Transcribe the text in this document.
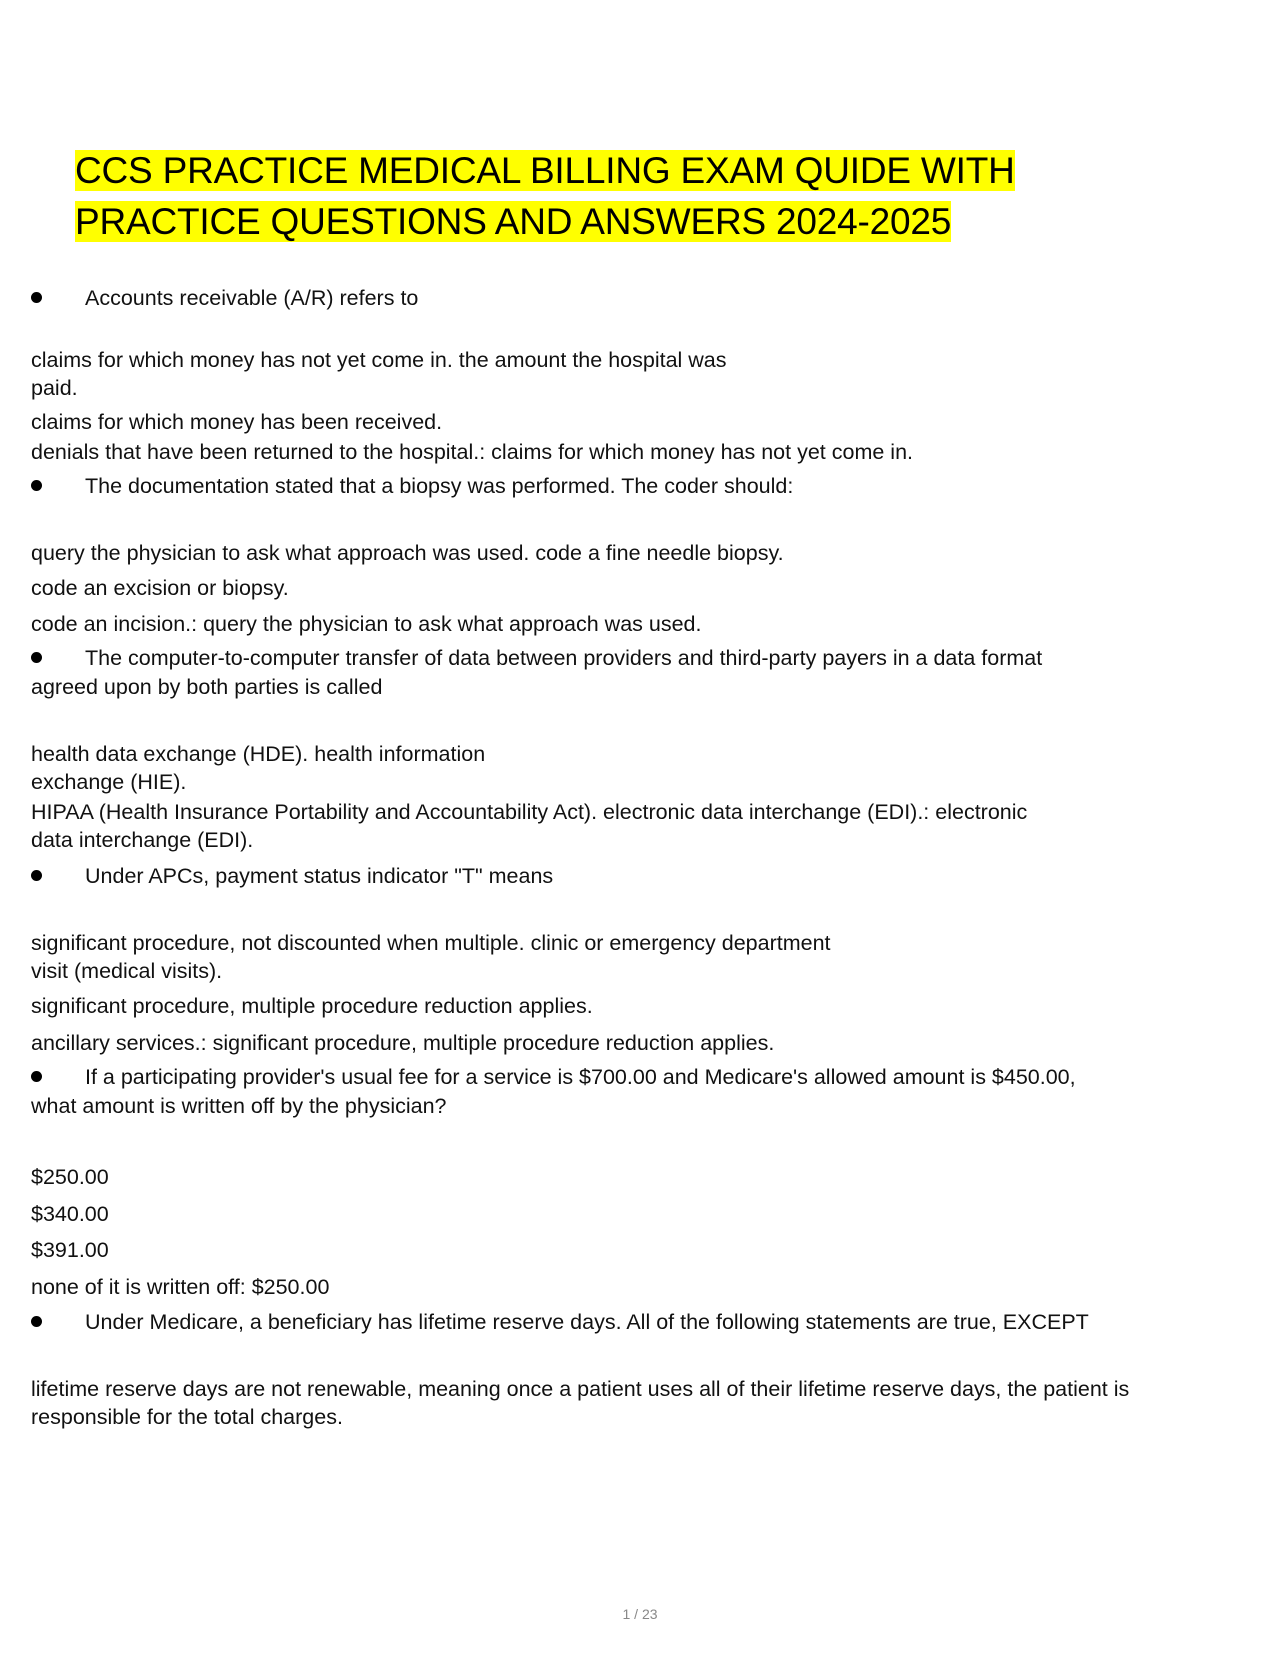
CCS PRACTICE MEDICAL BILLING EXAM QUIDE WITH PRACTICE QUESTIONS AND ANSWERS 2024-2025
Accounts receivable (A/R) refers to
claims for which money has not yet come in. the amount the hospital was
paid.
claims for which money has been received.
denials that have been returned to the hospital.: claims for which money has not yet come in.
The documentation stated that a biopsy was performed. The coder should:
query the physician to ask what approach was used. code a fine needle biopsy.
code an excision or biopsy.
code an incision.: query the physician to ask what approach was used.
The computer-to-computer transfer of data between providers and third-party payers in a data format
agreed upon by both parties is called
health data exchange (HDE). health information
exchange (HIE).
HIPAA (Health Insurance Portability and Accountability Act). electronic data interchange (EDI).: electronic
data interchange (EDI).
Under APCs, payment status indicator "T" means
significant procedure, not discounted when multiple. clinic or emergency department
visit (medical visits).
significant procedure, multiple procedure reduction applies.
ancillary services.: significant procedure, multiple procedure reduction applies.
If a participating provider's usual fee for a service is $700.00 and Medicare's allowed amount is $450.00,
what amount is written off by the physician?
$250.00
$340.00
$391.00
none of it is written off: $250.00
Under Medicare, a beneficiary has lifetime reserve days. All of the following statements are true, EXCEPT
lifetime reserve days are not renewable, meaning once a patient uses all of their lifetime reserve days, the patient is
responsible for the total charges.
1 / 23
